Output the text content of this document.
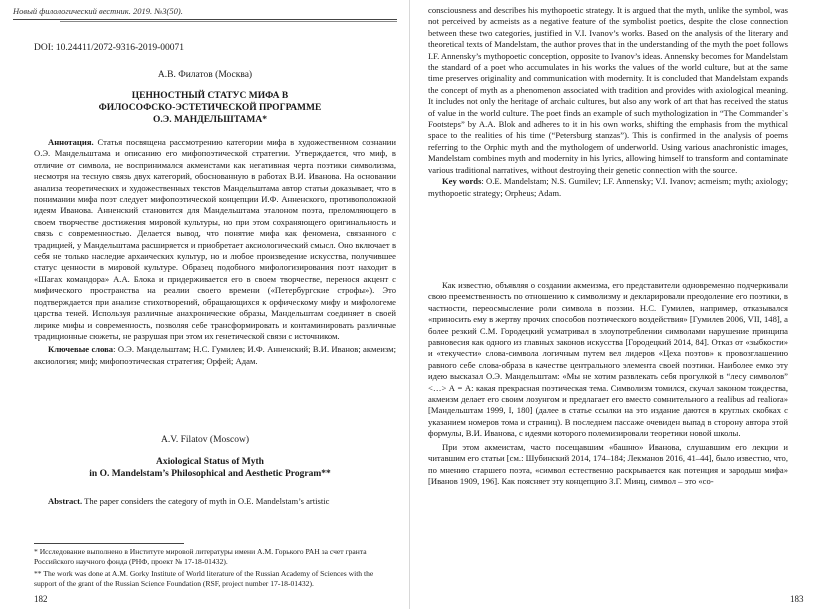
Новый филологический вестник. 2019. №3(50).
DOI: 10.24411/2072-9316-2019-00071
А.В. Филатов (Москва)
ЦЕННОСТНЫЙ СТАТУС МИФА В
ФИЛОСОФСКО-ЭСТЕТИЧЕСКОЙ ПРОГРАММЕ
О.Э. МАНДЕЛЬШТАМА*

Аннотация. Статья посвящена рассмотрению категории мифа в художественном сознании О.Э. Мандельштама и описанию его мифопоэтической стратегии. Утверждается, что миф, в отличие от символа, не воспринимался акмеистами как негативная черта поэтики символизма, несмотря на тесную связь двух категорий, обоснованную в работах В.И. Иванова. На основании анализа теоретических и художественных текстов Мандельштама автор статьи доказывает, что в понимании мифа поэт следует мифопоэтической концепции И.Ф. Анненского, противоположной идеям Иванова. Анненский становится для Мандельштама эталоном поэта, преломляющего в своем творчестве достижения мировой культуры, но при этом сохраняющего оригинальность и связь с современностью. Делается вывод, что понятие мифа как феномена, связанного с традицией, у Мандельштама расширяется и приобретает аксиологический смысл. Оно включает в себя не только наследие архаических культур, но и любое произведение искусства, получившее статус ценности в мировой культуре. Образец подобного мифологизирования поэт находит в «Шагах командора» А.А. Блока и придерживается его в своем творчестве, перенося акцент с мифического пространства на реалии своего времени («Петербургские строфы»). Это подтверждается при анализе стихотворений, обращающихся к орфическому мифу и мифологеме царства теней. Используя различные анахронические образы, Мандельштам соединяет в своей лирике мифы и современность, позволяя себе трансформировать и контаминировать различные традиционные сюжеты, не разрушая при этом их генетической связи с источником.

Ключевые слова: О.Э. Мандельштам; Н.С. Гумилев; И.Ф. Анненский; В.И. Иванов; акмеизм; аксиология; миф; мифопоэтическая стратегия; Орфей; Адам.

A.V. Filatov (Moscow)
Axiological Status of Myth
in O. Mandelstam’s Philosophical and Aesthetic Program**

Abstract. The paper considers the category of myth in O.E. Mandelstam’s artistic

* Исследование выполнено в Институте мировой литературы имени А.М. Горького РАН за счет гранта Российского научного фонда (РНФ, проект № 17-18-01432).
** The work was done at A.M. Gorky Institute of World literature of the Russian Academy of Sciences with the support of the grant of the Russian Science Foundation (RSF, project number 17-18-01432).
182

consciousness and describes his mythopoetic strategy. It is argued that the myth, unlike the symbol, was not perceived by acmeists as a negative feature of the symbolist poetics, despite the close connection between these two categories, justified in V.I. Ivanov’s works. Based on the analysis of the literary and theoretical texts of Mandelstam, the author proves that in the understanding of the myth the poet follows I.F. Annensky’s mythopoetic conception, opposite to Ivanov’s ideas. Annensky becomes for Mandelstam the standard of a poet who accumulates in his works the values of the world culture, but at the same time preserves originality and communication with modernity. It is concluded that Mandelstam expands the concept of myth as a phenomenon associated with tradition and provides with axiological meaning. It includes not only the heritage of archaic cultures, but also any work of art that has received the status of value in the world culture. The poet finds an example of such mythologization in “The Commander`s Footsteps” by A.A. Blok and adheres to it in his own works, shifting the emphasis from the mythical space to the realities of his time (“Petersburg stanzas”). This is confirmed in the analysis of poems referring to the Orphic myth and the mythologem of underworld. Using various anachronistic images, Mandelstam combines myth and modernity in his lyrics, allowing himself to transform and contaminate various traditional narratives, without destroying their genetic connection with the source.

Key words: O.E. Mandelstam; N.S. Gumilev; I.F. Annensky; V.I. Ivanov; acmeism; myth; axiology; mythopoetic strategy; Orpheus; Adam.

Как известно, объявляя о создании акмеизма, его представители одновременно подчеркивали свою преемственность по отношению к символизму и декларировали преодоление его поэтики, в частности, переосмысление роли символа в поэзии. Н.С. Гумилев, например, отказывался «приносить ему в жертву прочих способов поэтического воздействия» [Гумилев 2006, VII, 148], а более резкий С.М. Городецкий усматривал в злоупотреблении символами нарушение принципа равновесия как одного из главных законов искусства [Городецкий 2014, 84]. Отказ от «зыбкости» и «текучести» слова-символа логичным путем вел лидеров «Цеха поэтов» к провозглашению равного себе слова-образа в качестве центрального элемента своей поэтики. Наиболее емко эту идею высказал О.Э. Мандельштам: «Мы не хотим развлекать себя прогулкой в “лесу символов” <…> А = А: какая прекрасная поэтическая тема. Символизм томился, скучал законом тождества, акмеизм делает его своим лозунгом и предлагает его вместо сомнительного a realibus ad realiora» [Мандельштам 1999, I, 180] (далее в статье ссылки на это издание даются в круглых скобках с указанием номеров тома и страниц). В последнем пассаже очевиден выпад в сторону автора этой формулы, В.И. Иванова, с идеями которого полемизировали теоретики новой школы.

При этом акмеистам, часто посещавшим «башню» Иванова, слушавшим его лекции и читавшим его статьи [см.: Шубинский 2014, 174–184; Лекманов 2016, 41–44], было известно, что, по мнению старшего поэта, «символ естественно раскрывается как потенция и зародыш мифа» [Иванов 1909, 196]. Как поясняет эту концепцию З.Г. Минц, символ – это «со-

183
